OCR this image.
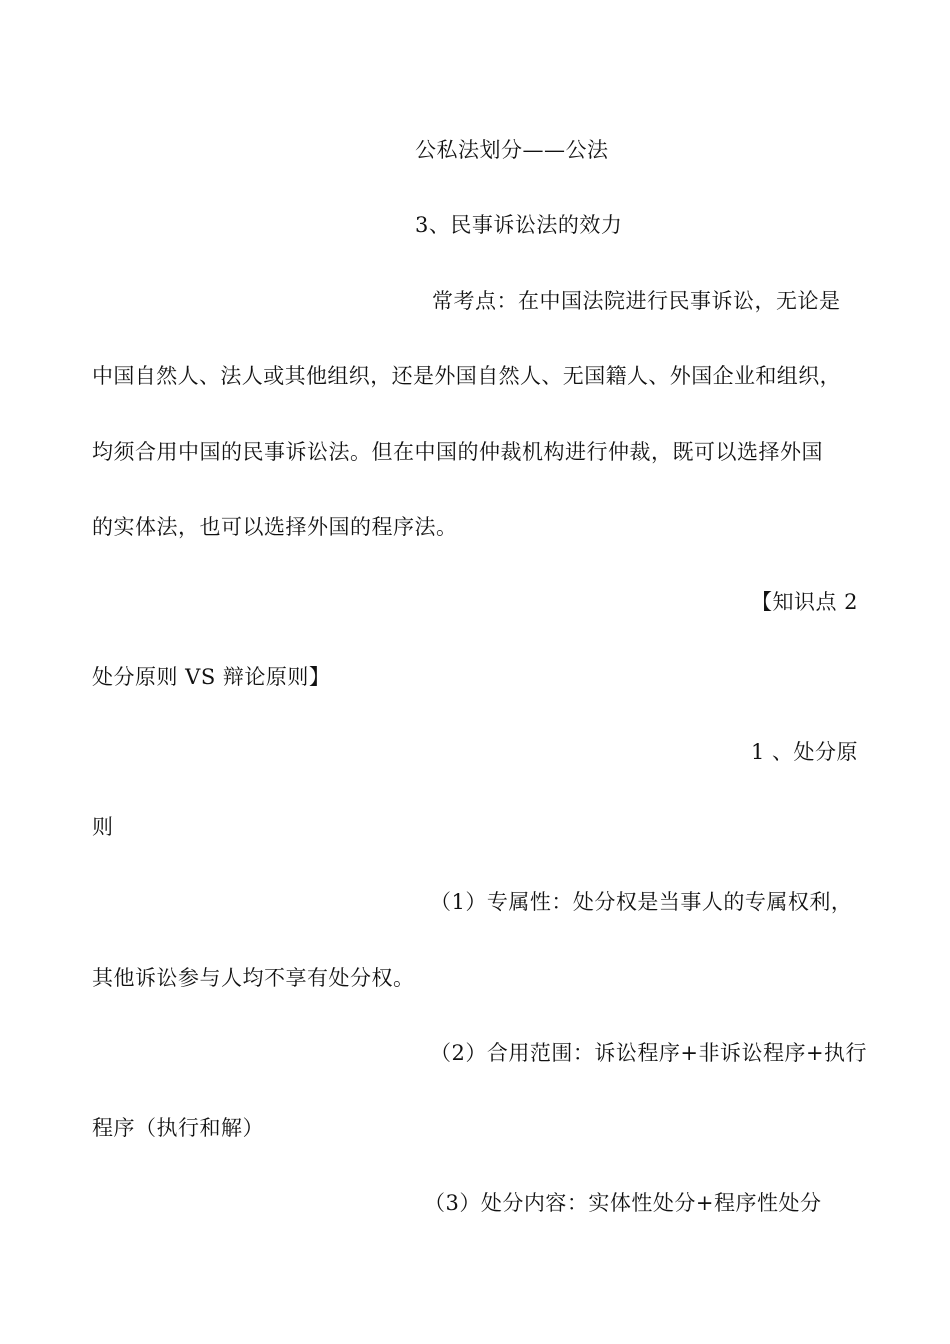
公私法划分——公法
3、民事诉讼法的效力
常考点：在中国法院进行民事诉讼，无论是
中国自然人、法人或其他组织，还是外国自然人、无国籍人、外国企业和组织，
均须合用中国的民事诉讼法。但在中国的仲裁机构进行仲裁，既可以选择外国
的实体法，也可以选择外国的程序法。
【知识点 2
处分原则 VS 辩论原则】
1 、处分原
则
（1）专属性：处分权是当事人的专属权利，
其他诉讼参与人均不享有处分权。
（2）合用范围：诉讼程序+非诉讼程序+执行
程序（执行和解）
（3）处分内容：实体性处分+程序性处分
